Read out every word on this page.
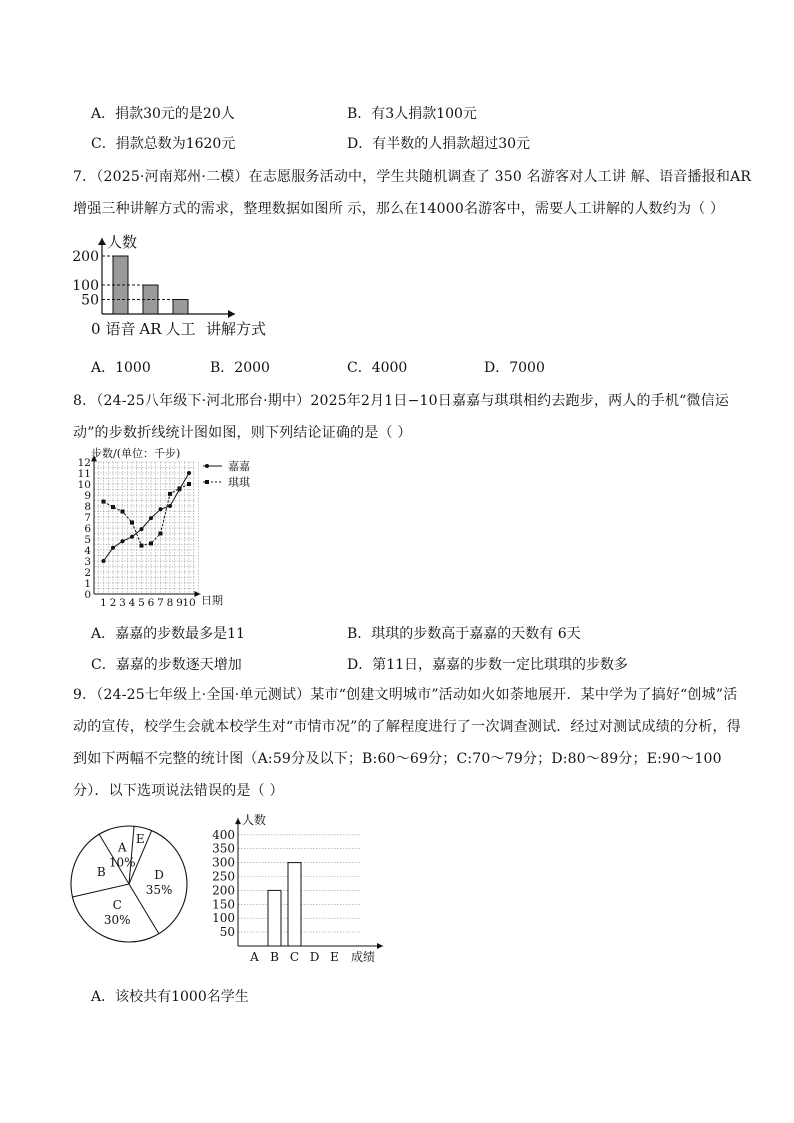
A．捐款30元的是20人	B．有3人捐款100元
C．捐款总数为1620元	D．有半数的人捐款超过30元
7．（2025·河南郑州·二模）在志愿服务活动中，学生共随机调查了 350 名游客对人工讲 解、语音播报和AR
增强三种讲解方式的需求，整理数据如图所 示，那么在14000名游客中，需要人工讲解的人数约为（ ）
语音 AR 人工
50
100
200
人数
0	讲解方式
A．1000	B．2000	C．4000	D．7000
8．（24-25八年级下·河北邢台·期中）2025年2月1日−10日嘉嘉与琪琪相约去跑步，两人的手机“微信运
动”的步数折线统计图如图，则下列结论证确的是（ ）
0
1
2
3
4
5
6
7
8
9
10
11
12
1 2 3 4 5 6 7 8 9 10
步数/(单位：千步)
日期
嘉嘉
琪琪
A．嘉嘉的步数最多是11	B．琪琪的步数高于嘉嘉的天数有 6天
C．嘉嘉的步数逐天增加	D．第11日，嘉嘉的步数一定比琪琪的步数多
9．（24-25七年级上·全国·单元测试）某市“创建文明城市”活动如火如荼地展开．某中学为了搞好“创城”活
动的宣传，校学生会就本校学生对“市情市况”的了解程度进行了一次调查测试．经过对测试成绩的分析，得
到如下两幅不完整的统计图（A:59分及以下；B:60～69分；C:70～79分；D:80～89分；E:90～100
分）．以下选项说法错误的是（ ）
D
35%
C
30%
B
A
10%
E
50
100
150
200
250
300
350
400
A B C D E
人数
成绩
A．该校共有1000名学生
